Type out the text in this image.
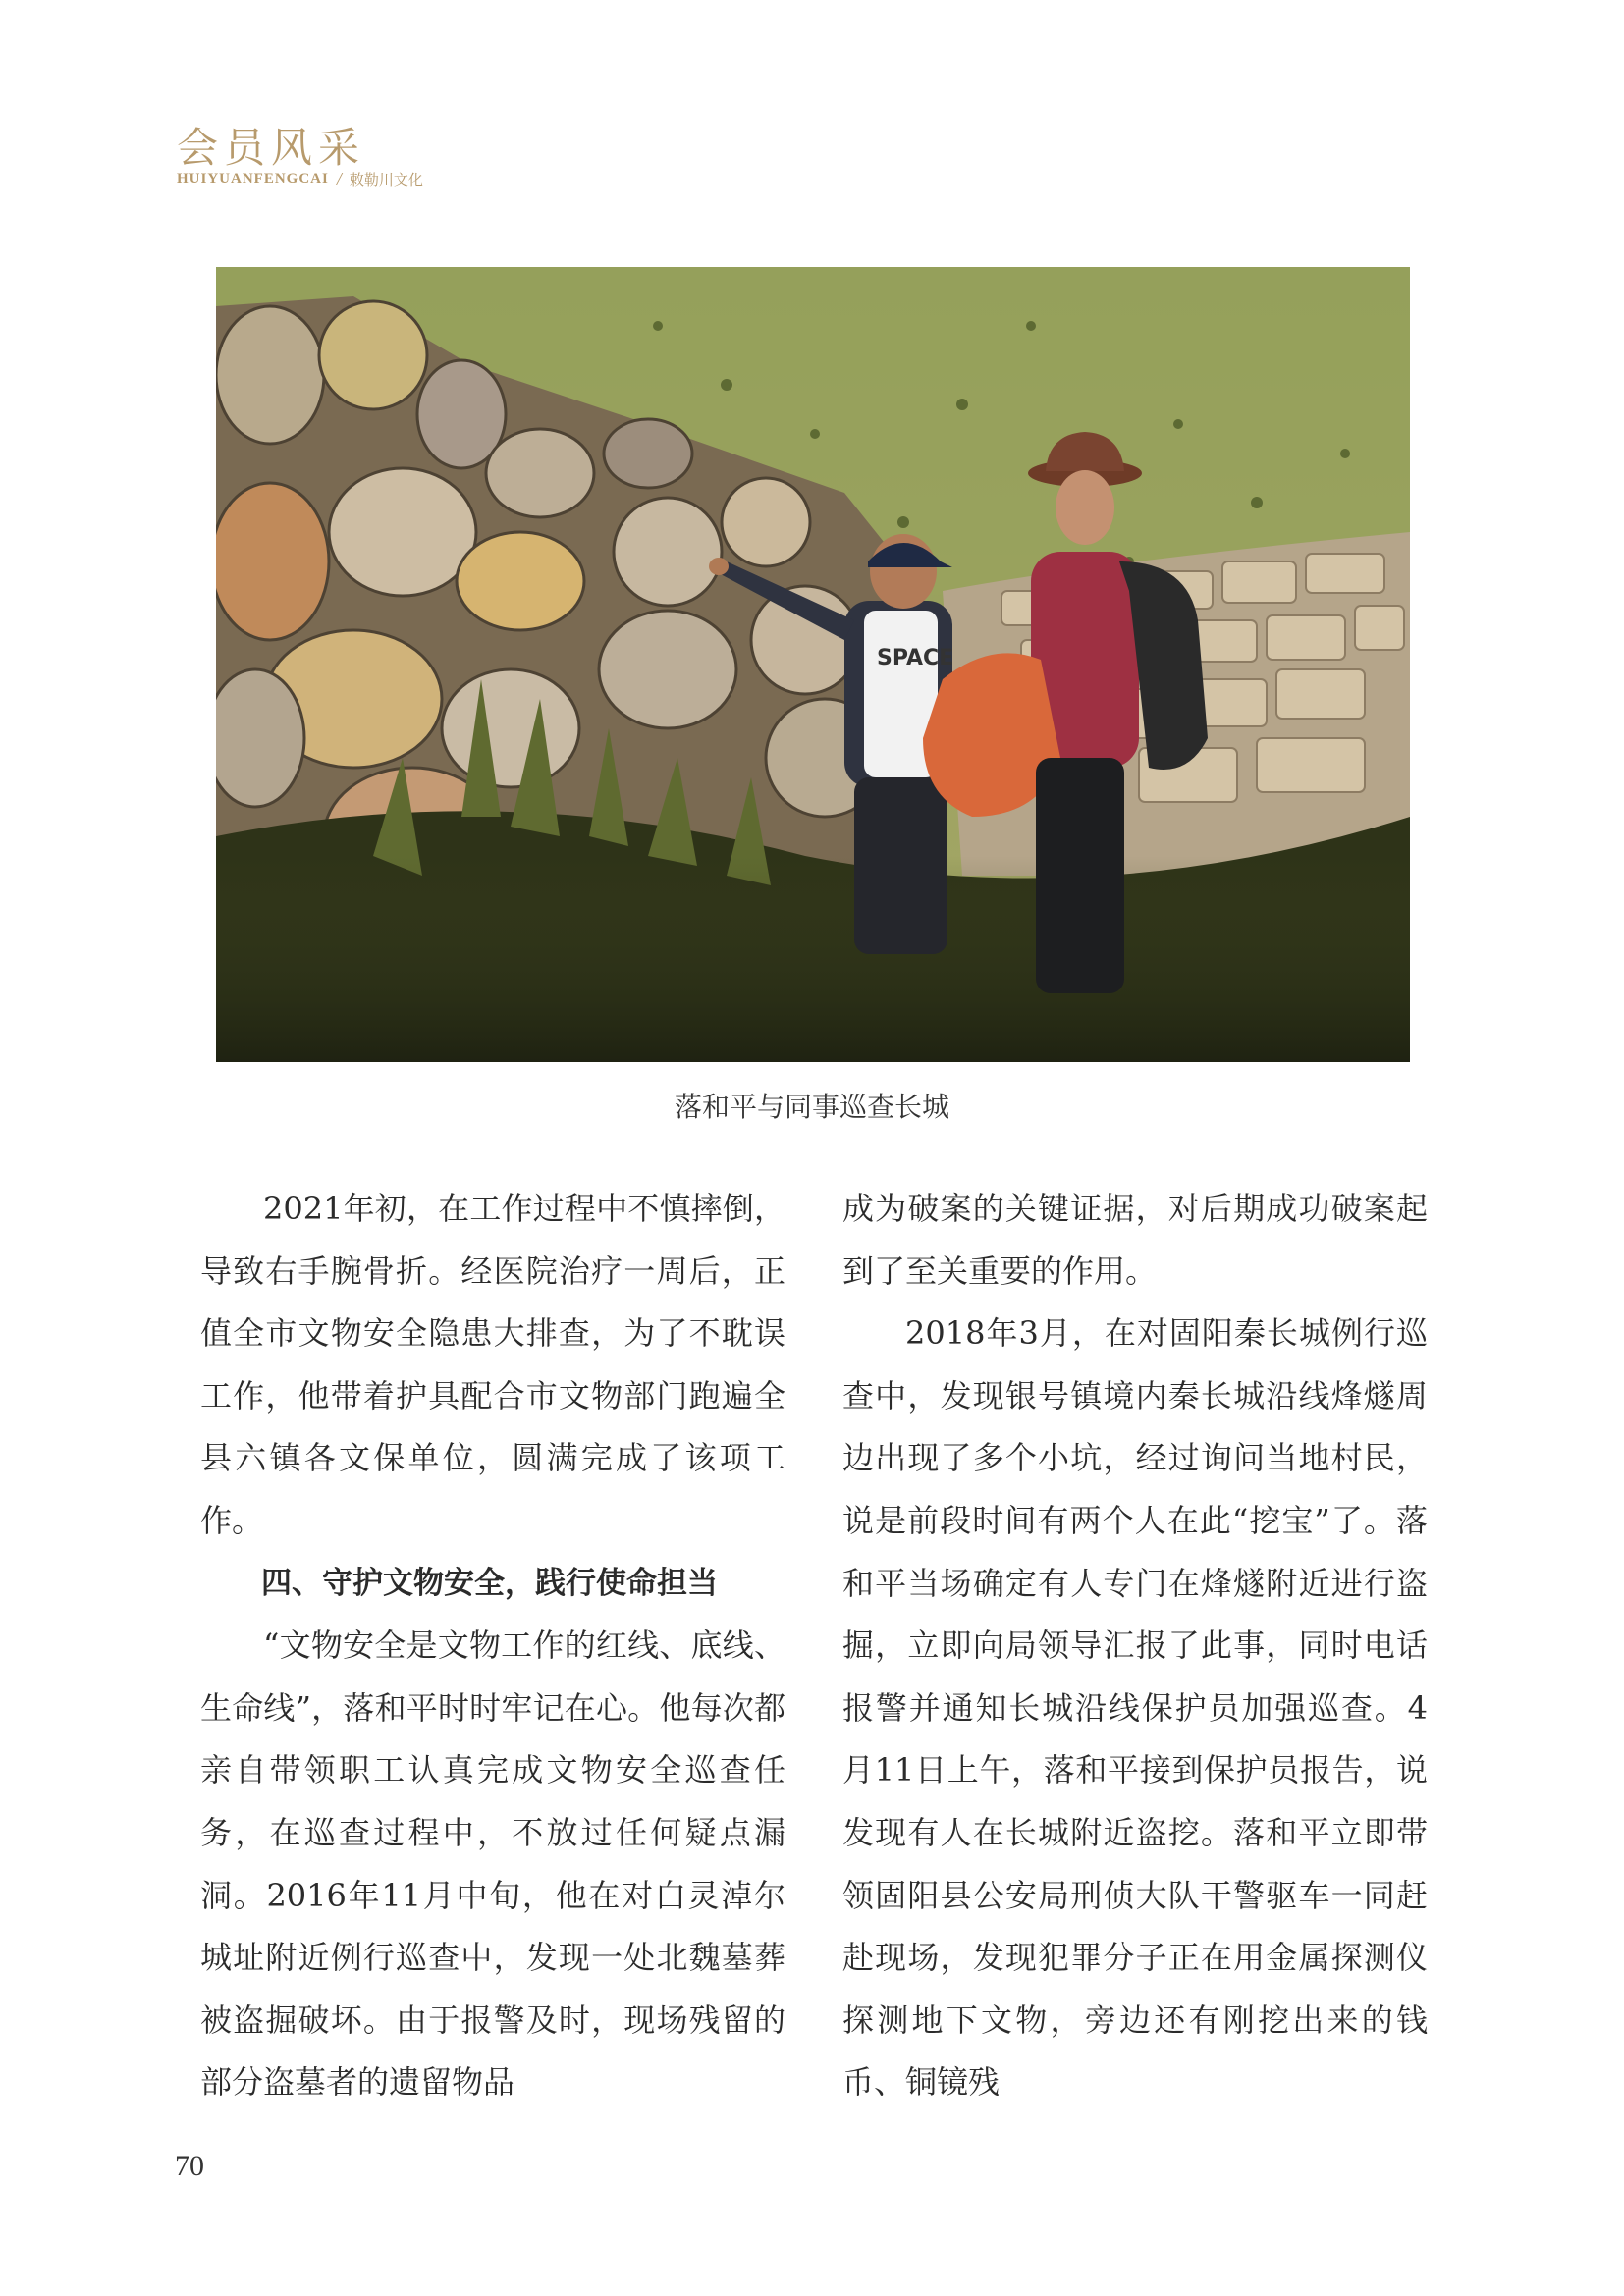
会员风采
HUIYUANFENGCAI / 敕勒川文化
SPACE
落和平与同事巡查长城

2021年初，在工作过程中不慎摔倒，导致右手腕骨折。经医院治疗一周后，正值全市文物安全隐患大排查，为了不耽误工作，他带着护具配合市文物部门跑遍全县六镇各文保单位，圆满完成了该项工作。

四、守护文物安全，践行使命担当

“文物安全是文物工作的红线、底线、生命线”，落和平时时牢记在心。他每次都亲自带领职工认真完成文物安全巡查任务，在巡查过程中，不放过任何疑点漏洞。2016年11月中旬，他在对白灵淖尔城址附近例行巡查中，发现一处北魏墓葬被盗掘破坏。由于报警及时，现场残留的部分盗墓者的遗留物品

成为破案的关键证据，对后期成功破案起到了至关重要的作用。

2018年3月，在对固阳秦长城例行巡查中，发现银号镇境内秦长城沿线烽燧周边出现了多个小坑，经过询问当地村民，说是前段时间有两个人在此“挖宝”了。落和平当场确定有人专门在烽燧附近进行盗掘，立即向局领导汇报了此事，同时电话报警并通知长城沿线保护员加强巡查。4月11日上午，落和平接到保护员报告，说发现有人在长城附近盗挖。落和平立即带领固阳县公安局刑侦大队干警驱车一同赶赴现场，发现犯罪分子正在用金属探测仪探测地下文物，旁边还有刚挖出来的钱币、铜镜残

70
